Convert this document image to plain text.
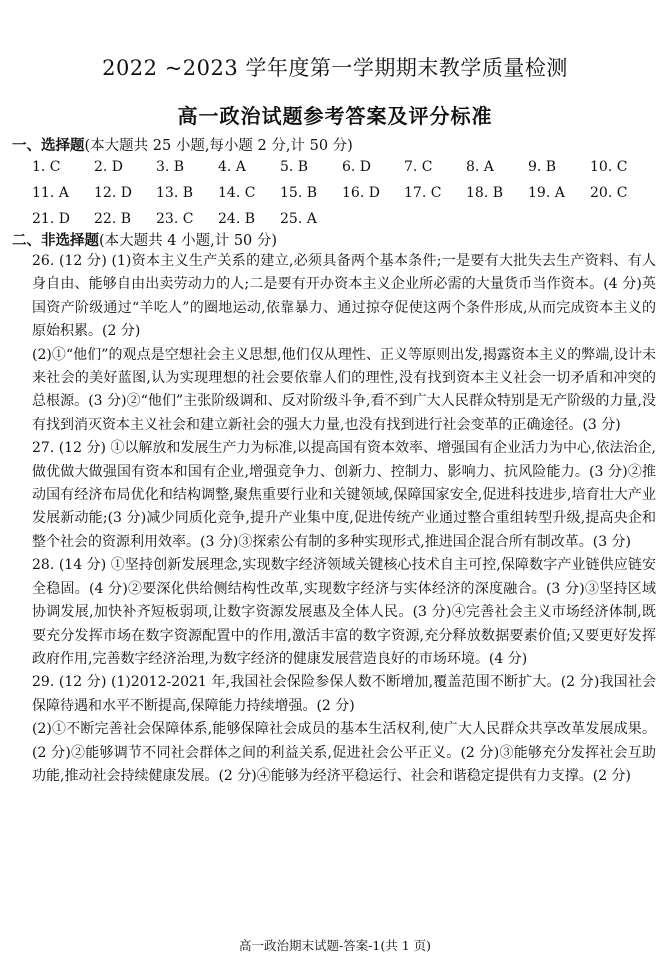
2022 ~2023 学年度第一学期期末教学质量检测
高一政治试题参考答案及评分标准
一、选择题(本大题共 25 小题,每小题 2 分,计 50 分)
1. C	2. D	3. B	4. A	5. B	6. D	7. C	8. A	9. B	10. C
11. A	12. D	13. B	14. C	15. B	16. D	17. C	18. B	19. A	20. C
21. D	22. B	23. C	24. B	25. A
二、非选择题(本大题共 4 小题,计 50 分)

26. (12 分) (1)资本主义生产关系的建立,必须具备两个基本条件;一是要有大批失去生产资料、有人身自由、能够自由出卖劳动力的人;二是要有开办资本主义企业所必需的大量货币当作资本。(4 分)英国资产阶级通过“羊吃人”的圈地运动,依靠暴力、通过掠夺促使这两个条件形成,从而完成资本主义的原始积累。(2 分)

(2)①“他们”的观点是空想社会主义思想,他们仅从理性、正义等原则出发,揭露资本主义的弊端,设计未来社会的美好蓝图,认为实现理想的社会要依靠人们的理性,没有找到资本主义社会一切矛盾和冲突的总根源。(3 分)②“他们”主张阶级调和、反对阶级斗争,看不到广大人民群众特别是无产阶级的力量,没有找到消灭资本主义社会和建立新社会的强大力量,也没有找到进行社会变革的正确途径。(3 分)

27. (12 分) ①以解放和发展生产力为标准,以提高国有资本效率、增强国有企业活力为中心,依法治企,做优做大做强国有资本和国有企业,增强竞争力、创新力、控制力、影响力、抗风险能力。(3 分)②推动国有经济布局优化和结构调整,聚焦重要行业和关键领域,保障国家安全,促进科技进步,培育壮大产业发展新动能;(3 分)减少同质化竞争,提升产业集中度,促进传统产业通过整合重组转型升级,提高央企和整个社会的资源利用效率。(3 分)③探索公有制的多种实现形式,推进国企混合所有制改革。(3 分)

28. (14 分) ①坚持创新发展理念,实现数字经济领域关键核心技术自主可控,保障数字产业链供应链安全稳固。(4 分)②要深化供给侧结构性改革,实现数字经济与实体经济的深度融合。(3 分)③坚持区域协调发展,加快补齐短板弱项,让数字资源发展惠及全体人民。(3 分)④完善社会主义市场经济体制,既要充分发挥市场在数字资源配置中的作用,激活丰富的数字资源,充分释放数据要素价值;又要更好发挥政府作用,完善数字经济治理,为数字经济的健康发展营造良好的市场环境。(4 分)

29. (12 分) (1)2012-2021 年,我国社会保险参保人数不断增加,覆盖范围不断扩大。(2 分)我国社会保障待遇和水平不断提高,保障能力持续增强。(2 分)

(2)①不断完善社会保障体系,能够保障社会成员的基本生活权利,使广大人民群众共享改革发展成果。(2 分)②能够调节不同社会群体之间的利益关系,促进社会公平正义。(2 分)③能够充分发挥社会互助功能,推动社会持续健康发展。(2 分)④能够为经济平稳运行、社会和谐稳定提供有力支撑。(2 分)

高一政治期末试题-答案-1(共 1 页)
